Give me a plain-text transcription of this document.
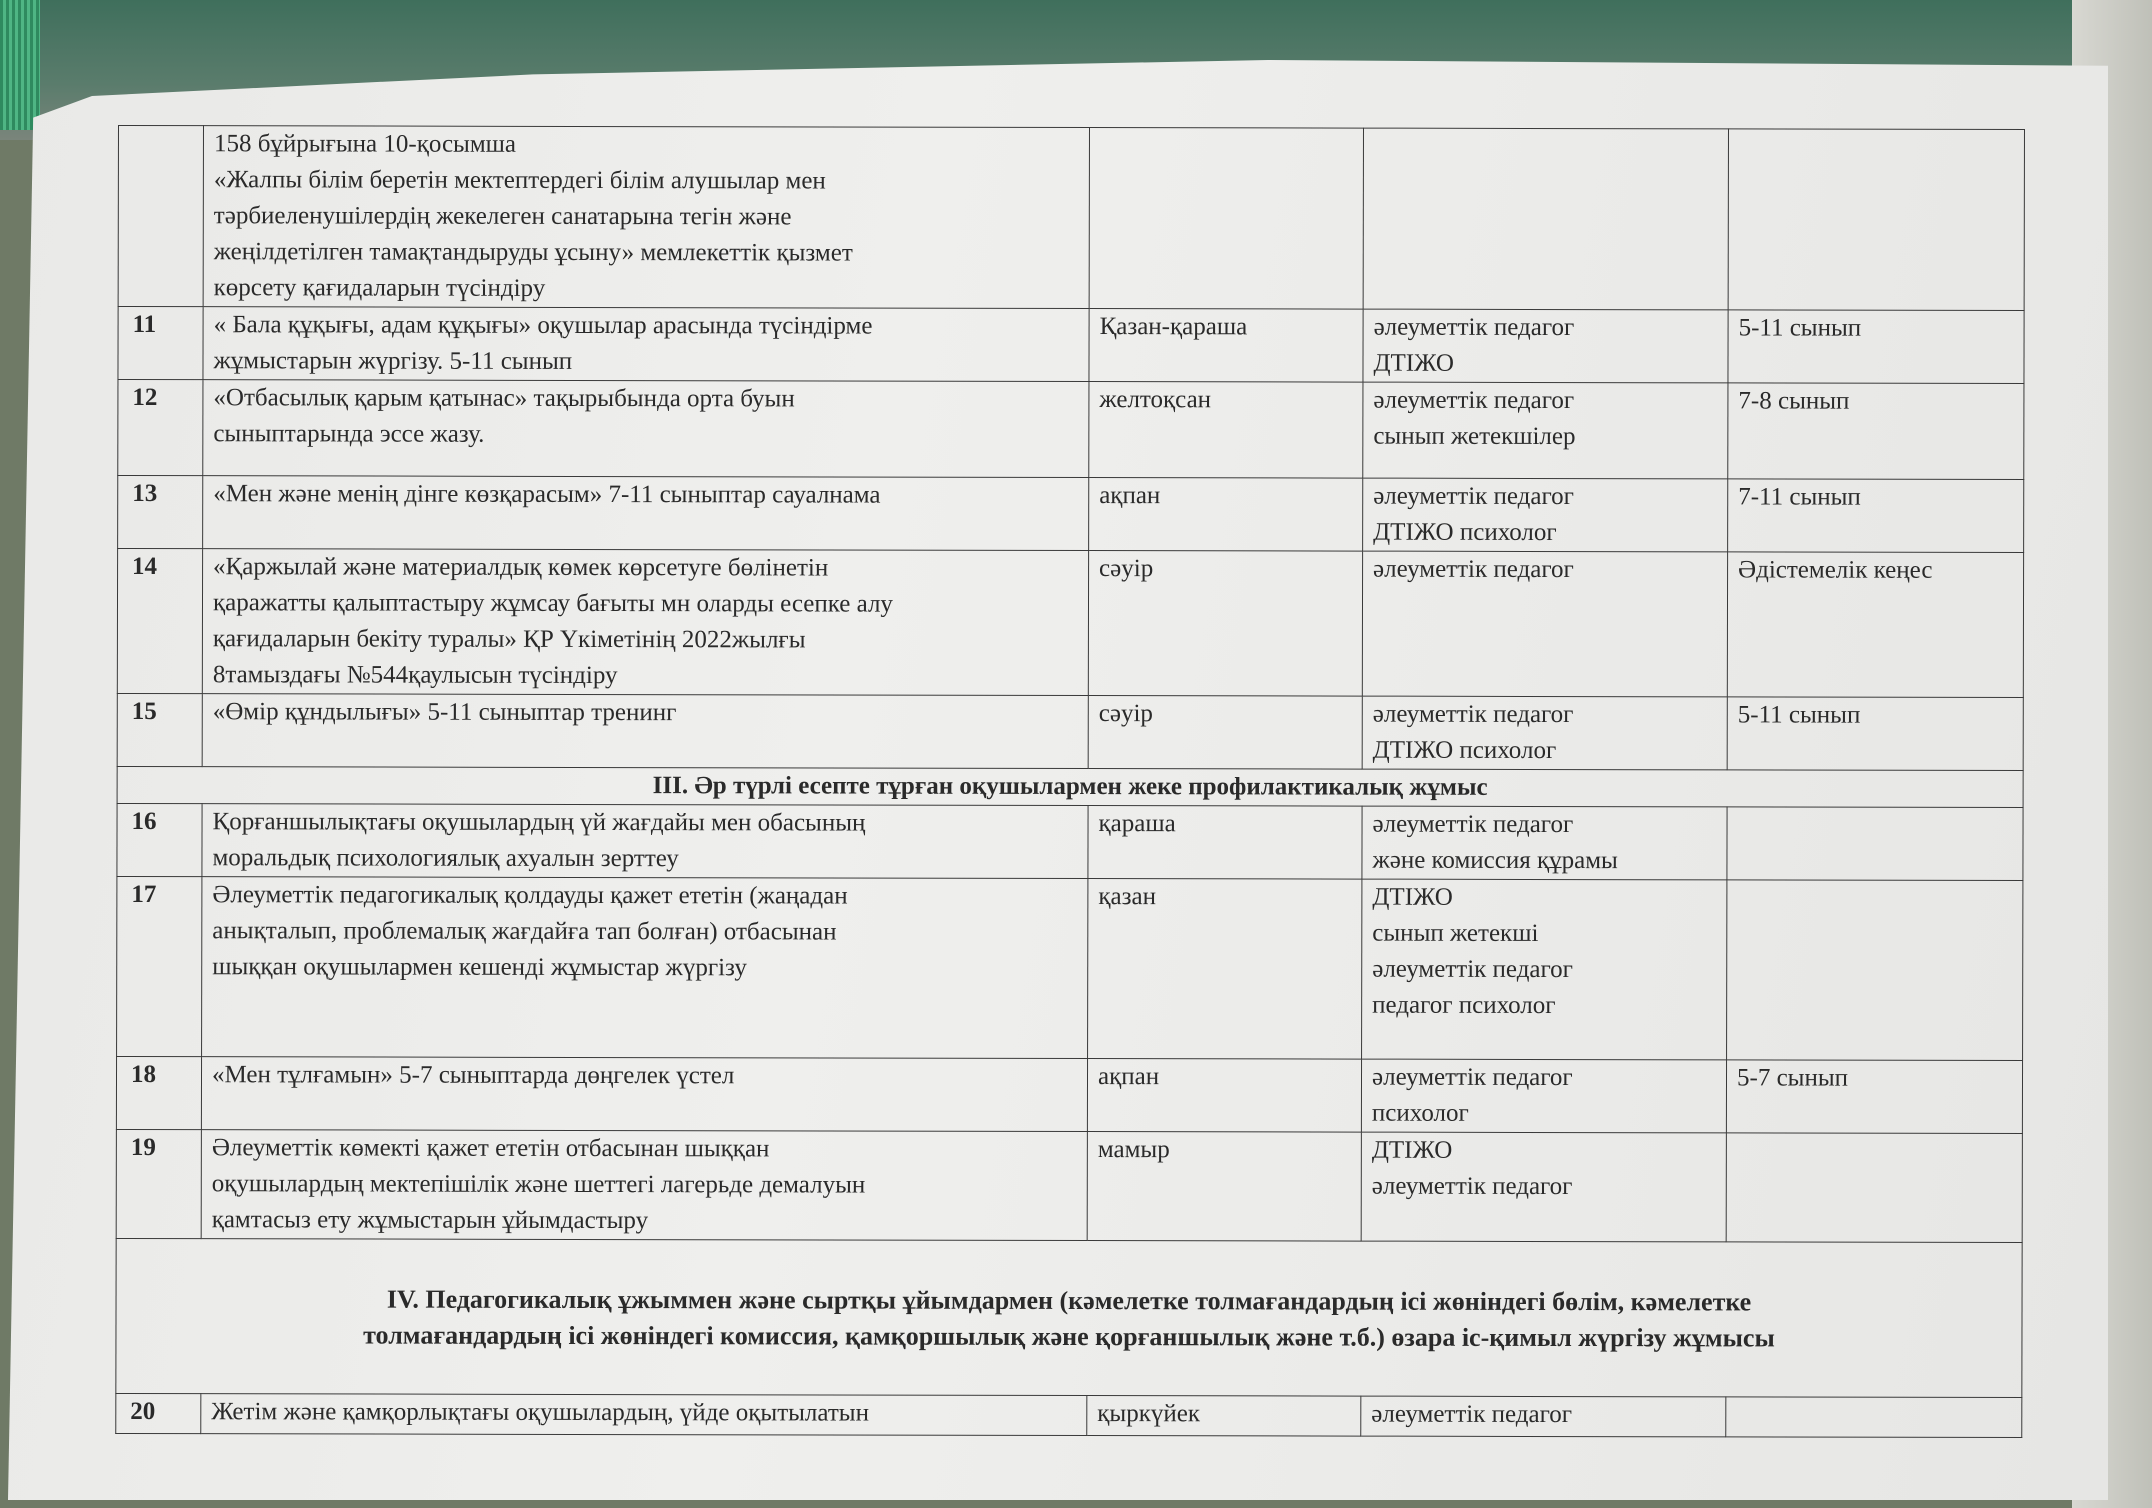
	158 бұйрығына 10-қосымша
«Жалпы білім беретін мектептердегі білім алушылар мен
тәрбиеленушілердің жекелеген санатарына тегін және
жеңілдетілген тамақтандыруды ұсыну» мемлекеттік қызмет
көрсету қағидаларын түсіндіру			

11	« Бала құқығы, адам құқығы» оқушылар арасында түсіндірме
жұмыстарын жүргізу. 5-11 сынып	Қазан-қараша	әлеуметтік педагог
ДТІЖО	5-11 сынып
12	«Отбасылық қарым қатынас» тақырыбында орта буын
сыныптарында эссе жазу.	желтоқсан	әлеуметтік педагог
сынып жетекшілер	7-8 сынып
13	«Мен және менің дінге көзқарасым» 7-11 сыныптар сауалнама	ақпан	әлеуметтік педагог
ДТІЖО психолог	7-11 сынып
14	«Қаржылай және материалдық көмек көрсетуге бөлінетін
қаражатты қалыптастыру жұмсау бағыты мн оларды есепке алу
қағидаларын бекіту туралы» ҚР Үкіметінің 2022жылғы
8тамыздағы №544қаулысын түсіндіру	сәуір	әлеуметтік педагог	Әдістемелік кеңес
15	«Өмір құндылығы» 5-11 сыныптар тренинг	сәуір	әлеуметтік педагог
ДТІЖО психолог	5-11 сынып
ІІІ. Әр түрлі есепте тұрған оқушылармен жеке профилактикалық жұмыс				
16	Қорғаншылықтағы оқушылардың үй жағдайы мен обасының
моральдық психологиялық ахуалын зерттеу	қараша	әлеуметтік педагог
және комиссия құрамы	

17	Әлеуметтік педагогикалық қолдауды қажет ететін (жаңадан
анықталып, проблемалық жағдайға тап болған) отбасынан
шыққан оқушылармен кешенді жұмыстар жүргізу	қазан	ДТІЖО
сынып жетекші
әлеуметтік педагог
педагог психолог	

18	«Мен тұлғамын» 5-7 сыныптарда дөңгелек үстел	ақпан	әлеуметтік педагог
психолог	5-7 сынып
19	Әлеуметтік көмекті қажет ететін отбасынан шыққан
оқушылардың мектепішілік және шеттегі лагерьде демалуын
қамтасыз ету жұмыстарын ұйымдастыру	мамыр	ДТІЖО
әлеуметтік педагог	

IV. Педагогикалық ұжыммен және сыртқы ұйымдармен (кәмелетке толмағандардың ісі жөніндегі бөлім, кәмелетке
толмағандардың ісі жөніндегі комиссия, қамқоршылық және қорғаншылық және т.б.) өзара іс-қимыл жүргізу жұмысы				

20	Жетім және қамқорлықтағы оқушылардың, үйде оқытылатын	қыркүйек	әлеуметтік педагог	
